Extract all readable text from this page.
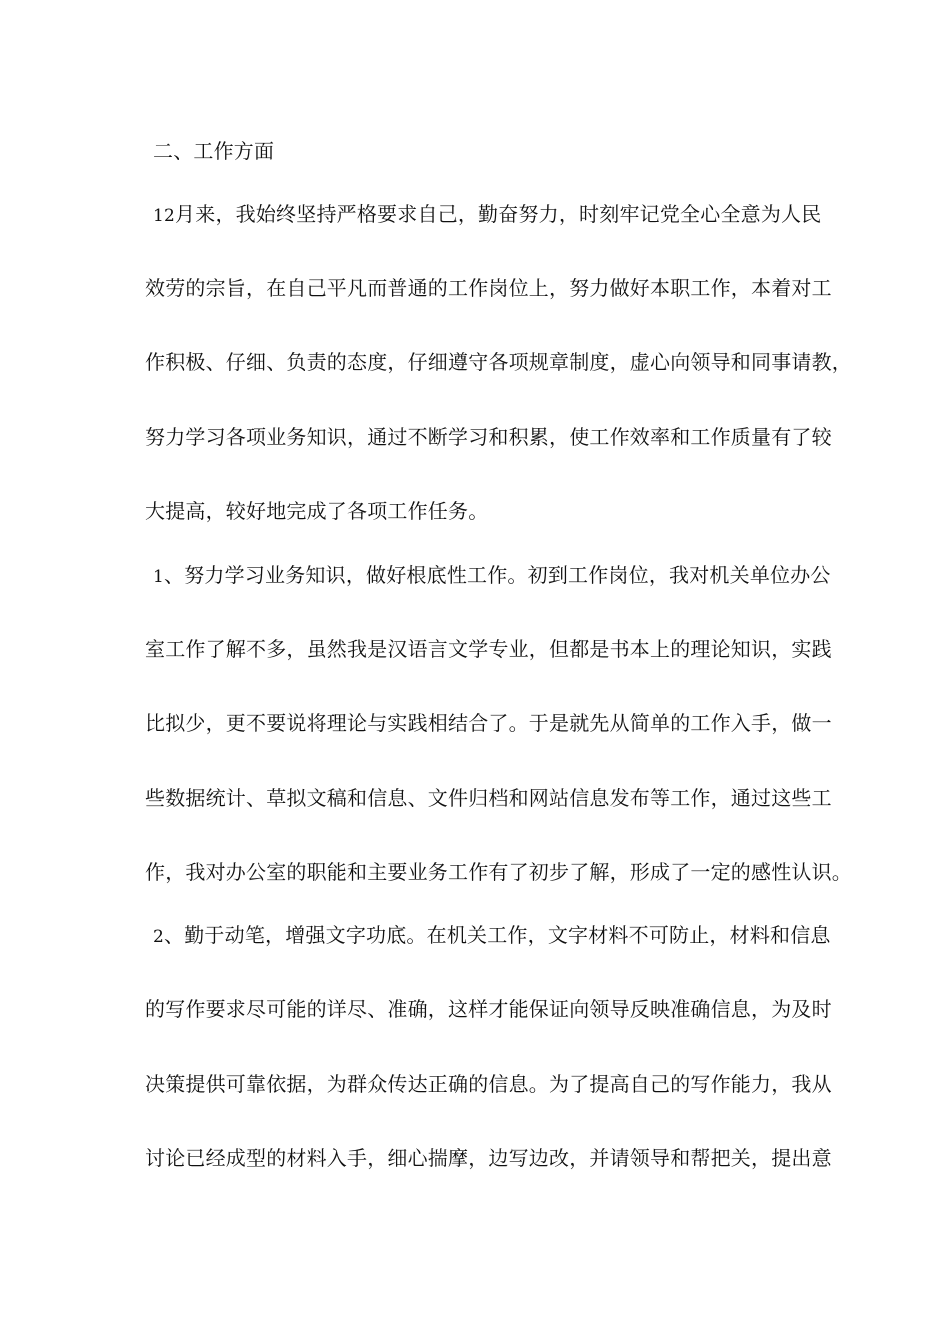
二、工作方面
12月来，我始终坚持严格要求自己，勤奋努力，时刻牢记党全心全意为人民
效劳的宗旨，在自己平凡而普通的工作岗位上，努力做好本职工作，本着对工
作积极、仔细、负责的态度，仔细遵守各项规章制度，虚心向领导和同事请教，
努力学习各项业务知识，通过不断学习和积累，使工作效率和工作质量有了较
大提高，较好地完成了各项工作任务。
1、努力学习业务知识，做好根底性工作。初到工作岗位，我对机关单位办公
室工作了解不多，虽然我是汉语言文学专业，但都是书本上的理论知识，实践
比拟少，更不要说将理论与实践相结合了。于是就先从简单的工作入手，做一
些数据统计、草拟文稿和信息、文件归档和网站信息发布等工作，通过这些工
作，我对办公室的职能和主要业务工作有了初步了解，形成了一定的感性认识。
2、勤于动笔，增强文字功底。在机关工作，文字材料不可防止，材料和信息
的写作要求尽可能的详尽、准确，这样才能保证向领导反映准确信息，为及时
决策提供可靠依据，为群众传达正确的信息。为了提高自己的写作能力，我从
讨论已经成型的材料入手，细心揣摩，边写边改，并请领导和帮把关，提出意
